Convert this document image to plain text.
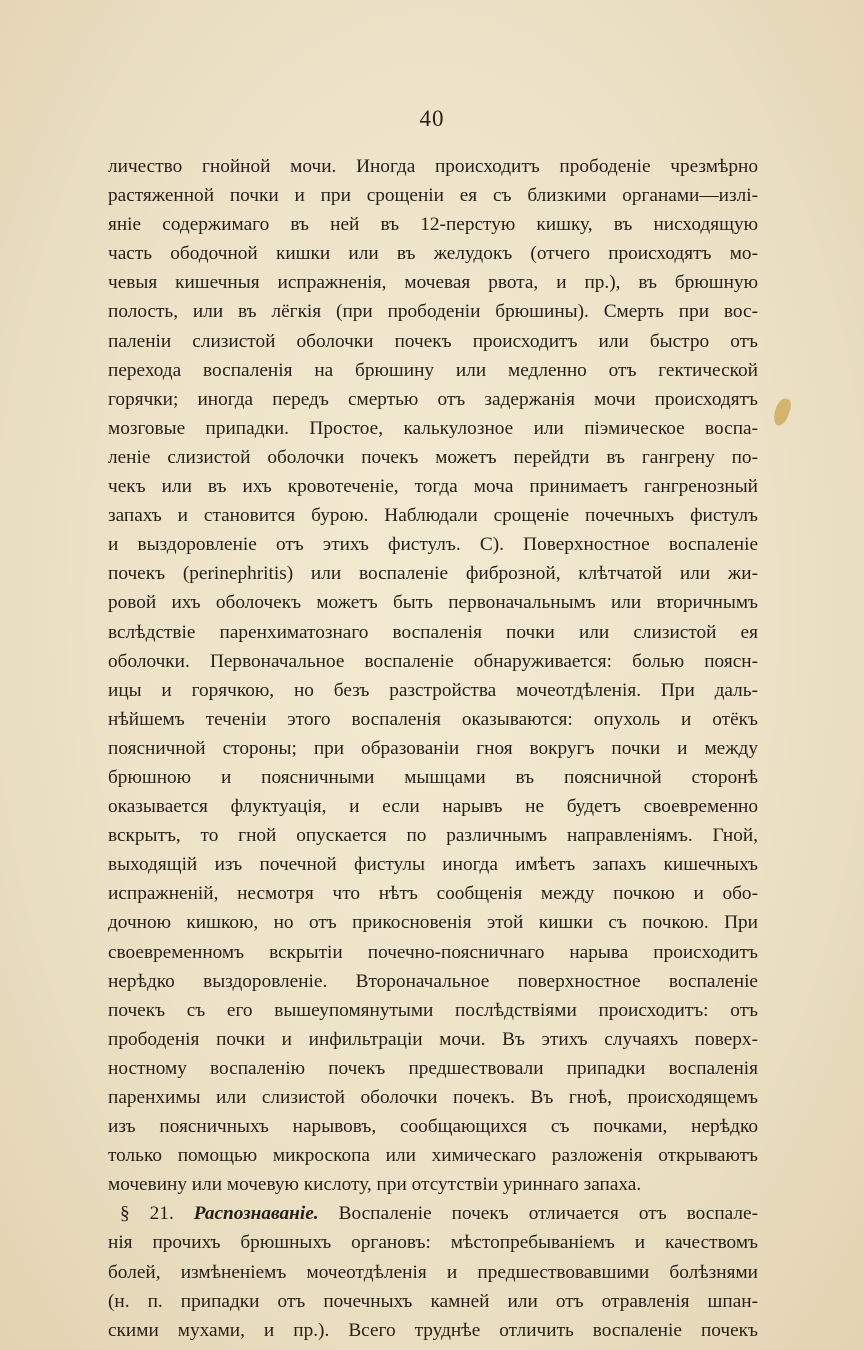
40
личество гнойной мочи. Иногда происходитъ прободеніе чрезмѣрно
растяженной почки и при срощеніи ея съ близкими органами—излі-
яніе содержимаго въ ней въ 12-перстую кишку, въ нисходящую
часть ободочной кишки или въ желудокъ (отчего происходятъ мо-
чевыя кишечныя испражненія, мочевая рвота, и пр.), въ брюшную
полость, или въ лёгкія (при прободеніи брюшины). Смерть при вос-
паленіи слизистой оболочки почекъ происходитъ или быстро отъ
перехода воспаленія на брюшину или медленно отъ гектической
горячки; иногда передъ смертью отъ задержанія мочи происходятъ
мозговые припадки. Простое, калькулозное или піэмическое воспа-
леніе слизистой оболочки почекъ можетъ перейдти въ гангрену по-
чекъ или въ ихъ кровотеченіе, тогда моча принимаетъ гангренозный
запахъ и становится бурою. Наблюдали срощеніе почечныхъ фистулъ
и выздоровленіе отъ этихъ фистулъ. C). Поверхностное воспаленіе
почекъ (perinephritis) или воспаленіе фиброзной, клѣтчатой или жи-
ровой ихъ оболочекъ можетъ быть первоначальнымъ или вторичнымъ
вслѣдствіе паренхиматознаго воспаленія почки или слизистой ея
оболочки. Первоначальное воспаленіе обнаруживается: болью поясн-
ицы и горячкою, но безъ разстройства мочеотдѣленія. При даль-
нѣйшемъ теченіи этого воспаленія оказываются: опухоль и отёкъ
поясничной стороны; при образованіи гноя вокругъ почки и между
брюшною и поясничными мышцами въ поясничной сторонѣ
оказывается флуктуація, и если нарывъ не будетъ своевременно
вскрытъ, то гной опускается по различнымъ направленіямъ. Гной,
выходящій изъ почечной фистулы иногда имѣетъ запахъ кишечныхъ
испражненій, несмотря что нѣтъ сообщенія между почкою и обо-
дочною кишкою, но отъ прикосновенія этой кишки съ почкою. При
своевременномъ вскрытіи почечно-поясничнаго нарыва происходитъ
нерѣдко выздоровленіе. Второначальное поверхностное воспаленіе
почекъ съ его вышеупомянутыми послѣдствіями происходитъ: отъ
прободенія почки и инфильтраціи мочи. Въ этихъ случаяхъ поверх-
ностному воспаленію почекъ предшествовали припадки воспаленія
паренхимы или слизистой оболочки почекъ. Въ гноѣ, происходящемъ
изъ поясничныхъ нарывовъ, сообщающихся съ почками, нерѣдко
только помощью микроскопа или химическаго разложенія открываютъ
мочевину или мочевую кислоту, при отсутствіи уриннаго запаха.
§ 21. Распознаваніе. Воспаленіе почекъ отличается отъ воспале-
нія прочихъ брюшныхъ органовъ: мѣстопребываніемъ и качествомъ
болей, измѣненіемъ мочеотдѣленія и предшествовавшими болѣзнями
(н. п. припадки отъ почечныхъ камней или отъ отравленія шпан-
скими мухами, и пр.). Всего труднѣе отличить воспаленіе почекъ
